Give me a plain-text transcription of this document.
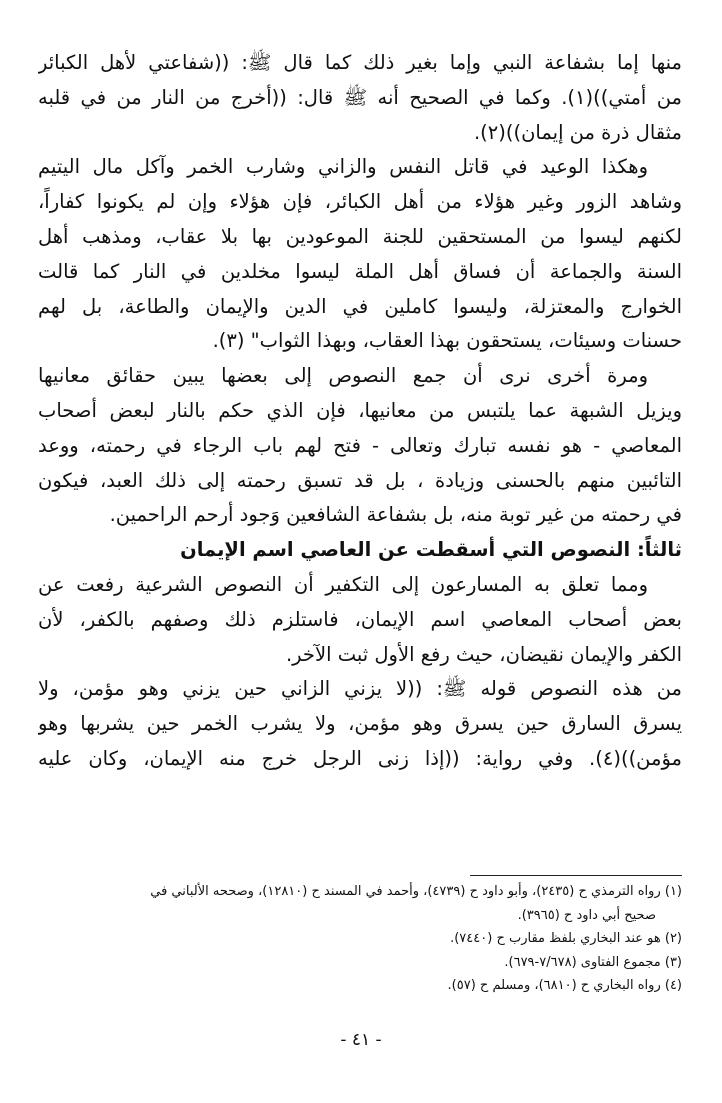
منها إما بشفاعة النبي وإما بغير ذلك كما قال ﷺ: ((شفاعتي لأهل الكبائر
من أمتي))(١). وكما في الصحيح أنه ﷺ قال: ((أخرج من النار من في قلبه
مثقال ذرة من إيمان))(٢).
وهكذا الوعيد في قاتل النفس والزاني وشارب الخمر وآكل مال اليتيم
وشاهد الزور وغير هؤلاء من أهل الكبائر، فإن هؤلاء وإن لم يكونوا كفاراً،
لكنهم ليسوا من المستحقين للجنة الموعودين بها بلا عقاب، ومذهب أهل
السنة والجماعة أن فساق أهل الملة ليسوا مخلدين في النار كما قالت
الخوارج والمعتزلة، وليسوا كاملين في الدين والإيمان والطاعة، بل لهم
حسنات وسيئات، يستحقون بهذا العقاب، وبهذا الثواب" (٣).
ومرة أخرى نرى أن جمع النصوص إلى بعضها يبين حقائق معانيها
ويزيل الشبهة عما يلتبس من معانيها، فإن الذي حكم بالنار لبعض أصحاب
المعاصي - هو نفسه تبارك وتعالى - فتح لهم باب الرجاء في رحمته، ووعد
التائبين منهم بالحسنى وزيادة ، بل قد تسبق رحمته إلى ذلك العبد، فيكون
في رحمته من غير توبة منه، بل بشفاعة الشافعين وَجود أرحم الراحمين.
ثالثاً: النصوص التي أسقطت عن العاصي اسم الإيمان
ومما تعلق به المسارعون إلى التكفير أن النصوص الشرعية رفعت عن
بعض أصحاب المعاصي اسم الإيمان، فاستلزم ذلك وصفهم بالكفر، لأن
الكفر والإيمان نقيضان، حيث رفع الأول ثبت الآخر.
من هذه النصوص قوله ﷺ: ((لا يزني الزاني حين يزني وهو مؤمن، ولا
يسرق السارق حين يسرق وهو مؤمن، ولا يشرب الخمر حين يشربها وهو
مؤمن))(٤). وفي رواية: ((إذا زنى الرجل خرج منه الإيمان، وكان عليه
(١) رواه الترمذي ح (٢٤٣٥)، وأبو داود ح (٤٧٣٩)، وأحمد في المسند ح (١٢٨١٠)، وصححه الألباني في
صحيح أبي داود ح (٣٩٦٥).
(٢) هو عند البخاري بلفظ مقارب ح (٧٤٤٠).
(٣) مجموع الفتاوى (٧/٦٧٨-٦٧٩).
(٤) رواه البخاري ح (٦٨١٠)، ومسلم ح (٥٧).
- ٤١ -
